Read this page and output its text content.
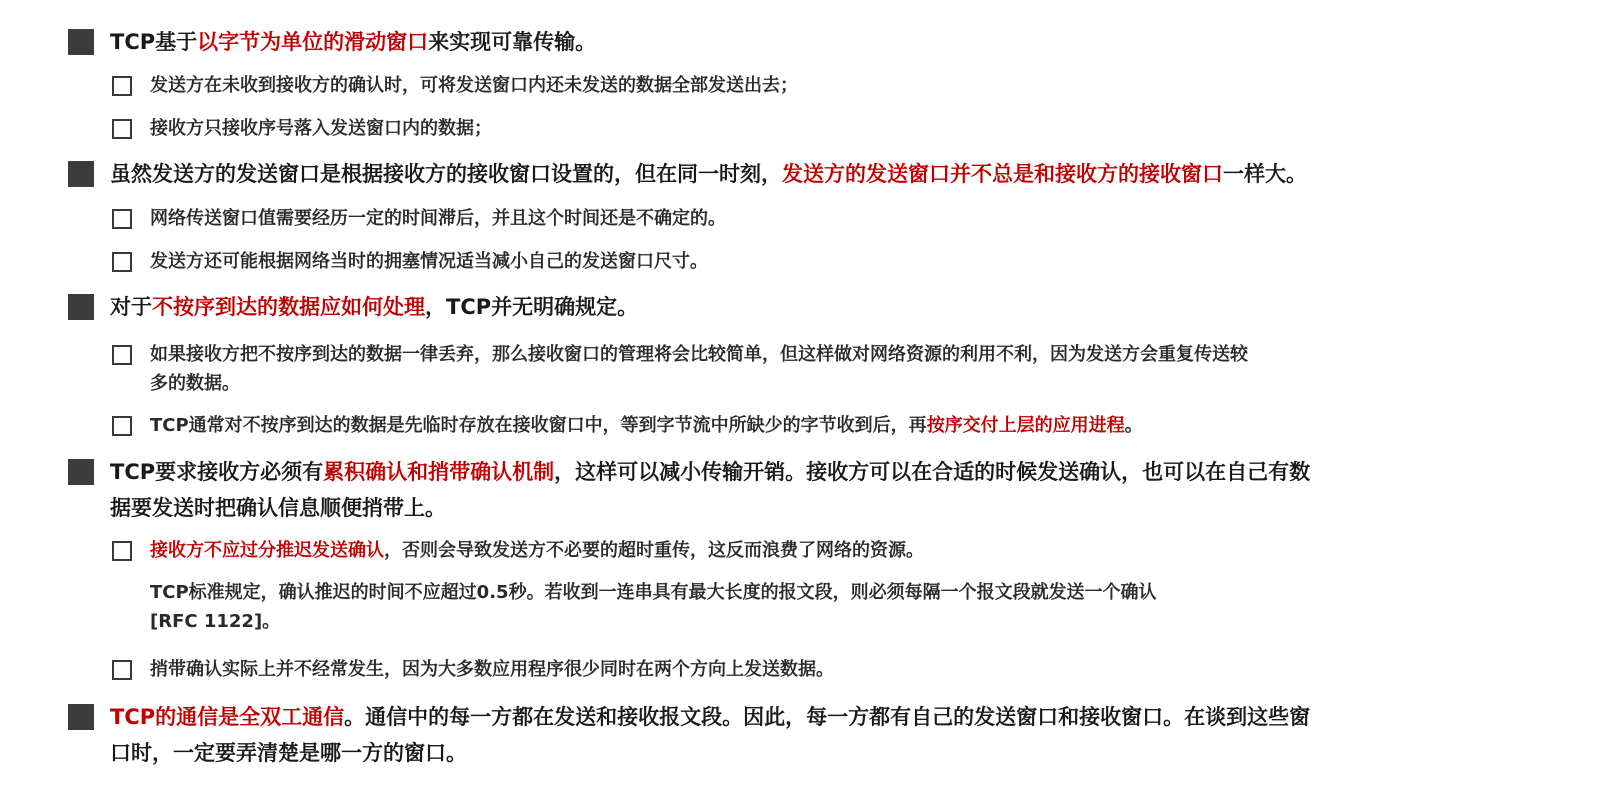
TCP基于以字节为单位的滑动窗口来实现可靠传输。
发送方在未收到接收方的确认时，可将发送窗口内还未发送的数据全部发送出去；
接收方只接收序号落入发送窗口内的数据；
虽然发送方的发送窗口是根据接收方的接收窗口设置的，但在同一时刻，发送方的发送窗口并不总是和接收方的接收窗口一样大。
网络传送窗口值需要经历一定的时间滞后，并且这个时间还是不确定的。
发送方还可能根据网络当时的拥塞情况适当减小自己的发送窗口尺寸。
对于不按序到达的数据应如何处理，TCP并无明确规定。
如果接收方把不按序到达的数据一律丢弃，那么接收窗口的管理将会比较简单，但这样做对网络资源的利用不利，因为发送方会重复传送较
多的数据。
TCP通常对不按序到达的数据是先临时存放在接收窗口中，等到字节流中所缺少的字节收到后，再按序交付上层的应用进程。
TCP要求接收方必须有累积确认和捎带确认机制，这样可以减小传输开销。接收方可以在合适的时候发送确认，也可以在自己有数
据要发送时把确认信息顺便捎带上。
接收方不应过分推迟发送确认，否则会导致发送方不必要的超时重传，这反而浪费了网络的资源。
TCP标准规定，确认推迟的时间不应超过0.5秒。若收到一连串具有最大长度的报文段，则必须每隔一个报文段就发送一个确认
[RFC 1122]。
捎带确认实际上并不经常发生，因为大多数应用程序很少同时在两个方向上发送数据。
TCP的通信是全双工通信。通信中的每一方都在发送和接收报文段。因此，每一方都有自己的发送窗口和接收窗口。在谈到这些窗
口时，一定要弄清楚是哪一方的窗口。
